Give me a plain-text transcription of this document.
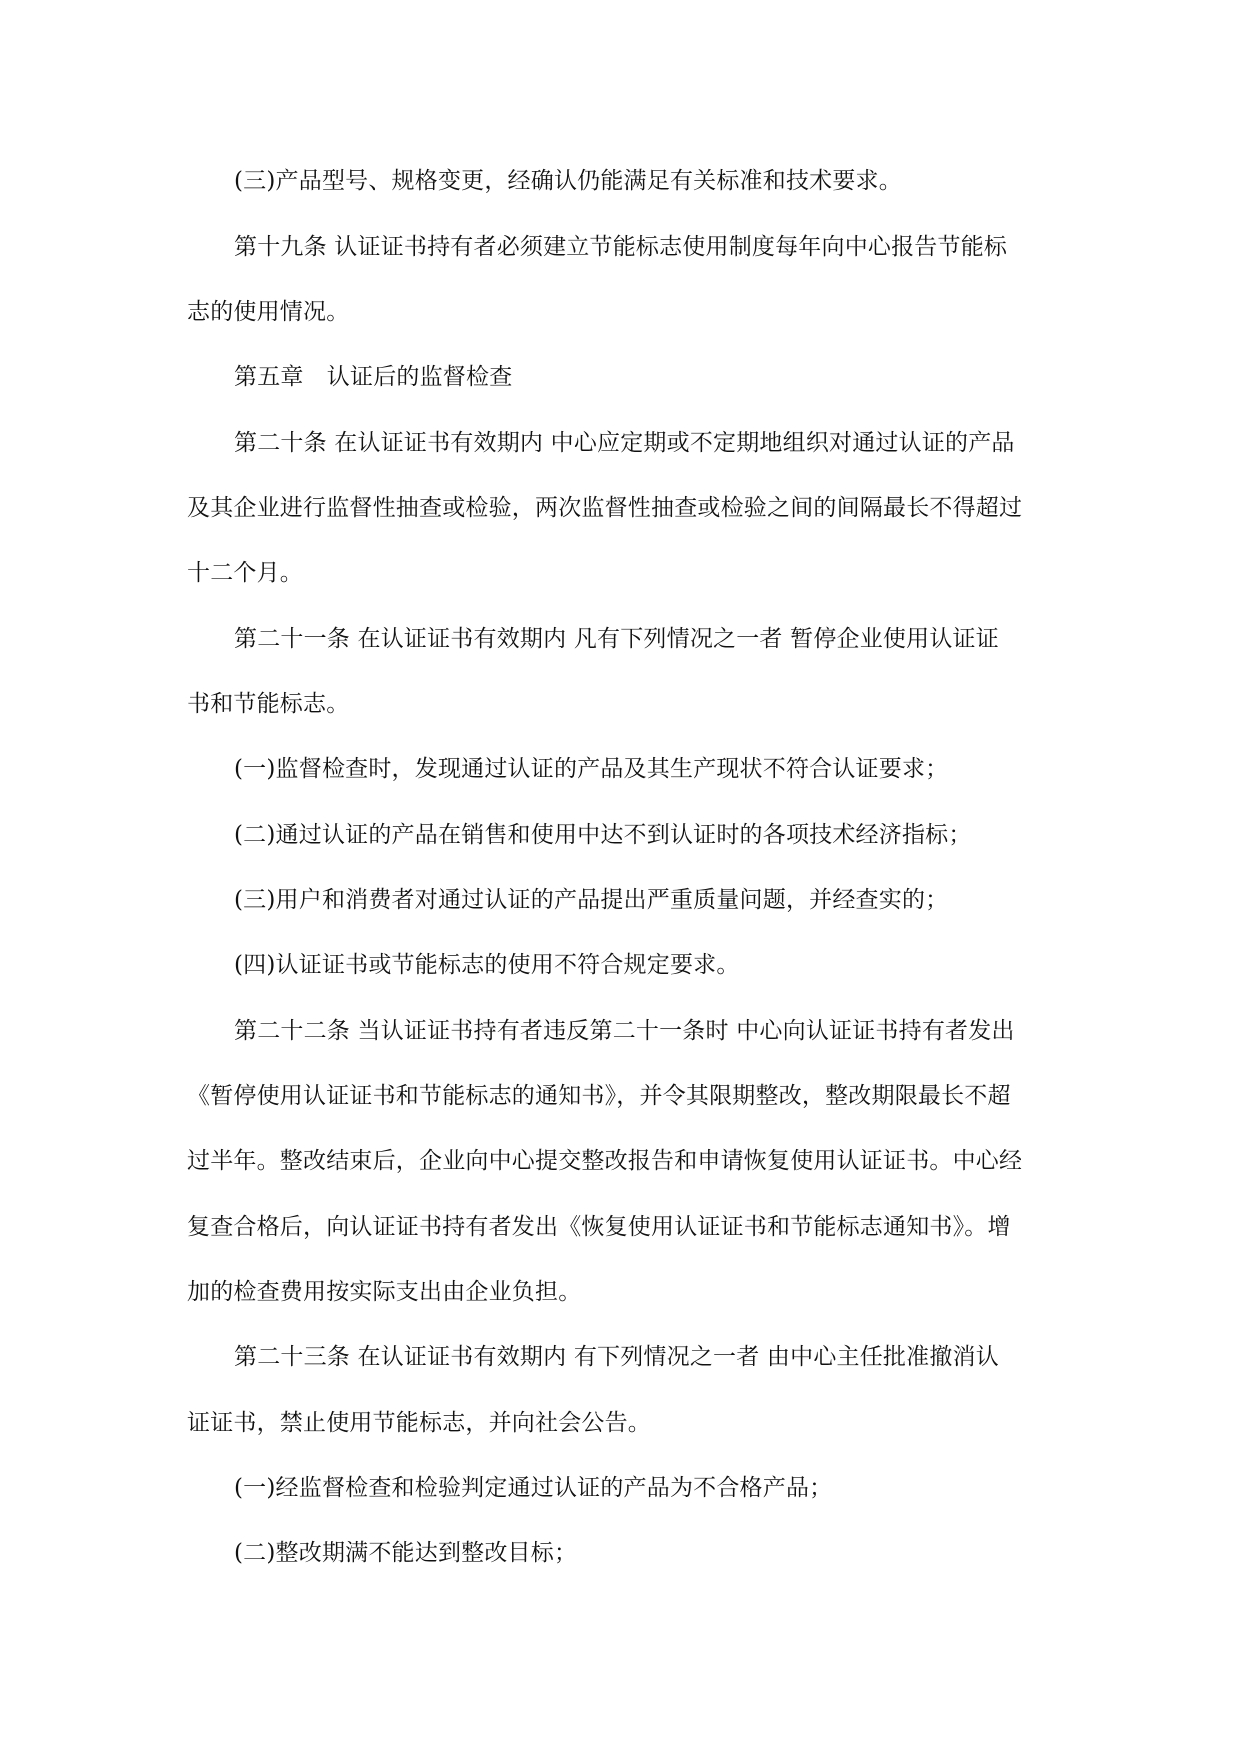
(三)产品型号、规格变更，经确认仍能满足有关标准和技术要求。
第十九条 认证证书持有者必须建立节能标志使用制度每年向中心报告节能标
志的使用情况。
第五章　认证后的监督检查
第二十条 在认证证书有效期内 中心应定期或不定期地组织对通过认证的产品
及其企业进行监督性抽查或检验，两次监督性抽查或检验之间的间隔最长不得超过
十二个月。
第二十一条 在认证证书有效期内 凡有下列情况之一者 暂停企业使用认证证
书和节能标志。
(一)监督检查时，发现通过认证的产品及其生产现状不符合认证要求；
(二)通过认证的产品在销售和使用中达不到认证时的各项技术经济指标；
(三)用户和消费者对通过认证的产品提出严重质量问题，并经查实的；
(四)认证证书或节能标志的使用不符合规定要求。
第二十二条 当认证证书持有者违反第二十一条时 中心向认证证书持有者发出
《暂停使用认证证书和节能标志的通知书》，并令其限期整改，整改期限最长不超
过半年。整改结束后，企业向中心提交整改报告和申请恢复使用认证证书。中心经
复查合格后，向认证证书持有者发出《恢复使用认证证书和节能标志通知书》。增
加的检查费用按实际支出由企业负担。
第二十三条 在认证证书有效期内 有下列情况之一者 由中心主任批准撤消认
证证书，禁止使用节能标志，并向社会公告。
(一)经监督检查和检验判定通过认证的产品为不合格产品；
(二)整改期满不能达到整改目标；
